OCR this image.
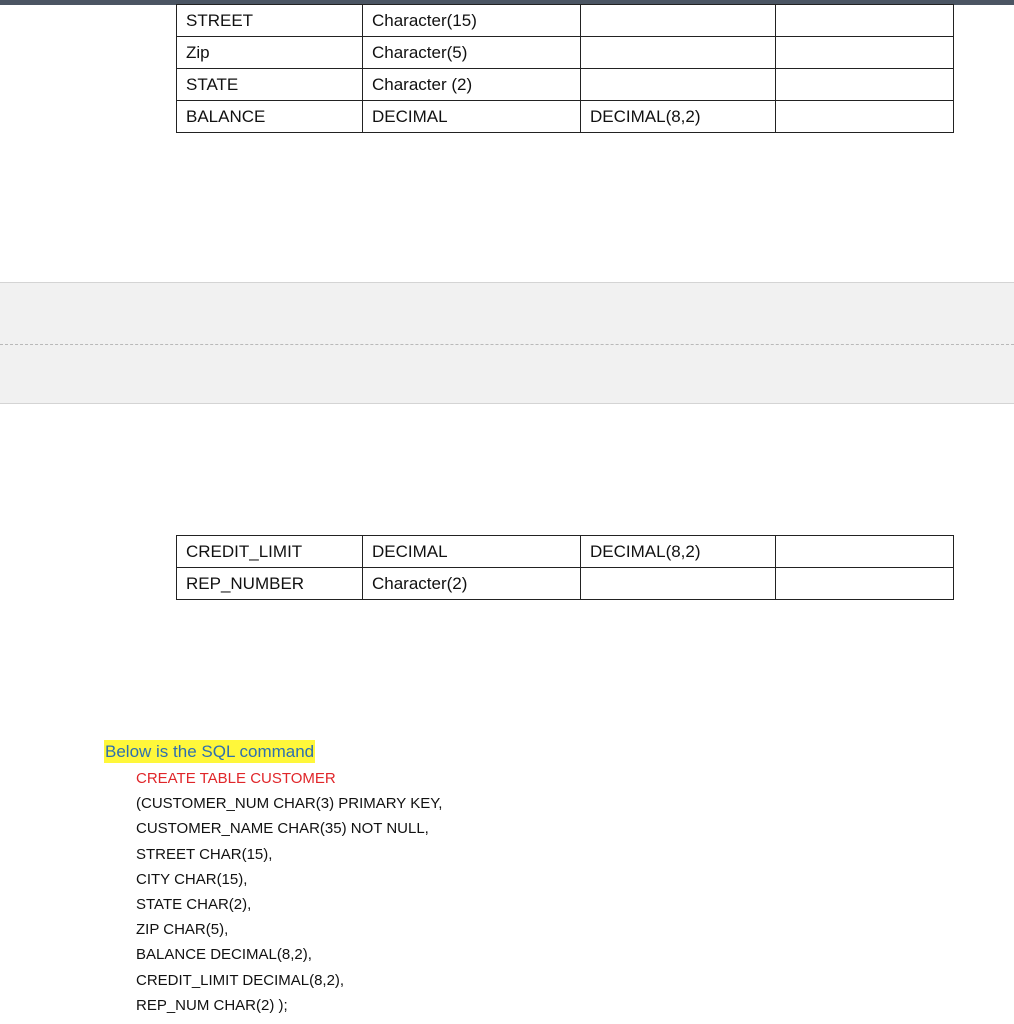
STREET	Character(15)		
Zip	Character(5)		
STATE	Character (2)		
BALANCE	DECIMAL	DECIMAL(8,2)	
CREDIT_LIMIT	DECIMAL	DECIMAL(8,2)	
REP_NUMBER	Character(2)		
Below is the SQL command
CREATE TABLE CUSTOMER
(CUSTOMER_NUM CHAR(3) PRIMARY KEY,
CUSTOMER_NAME CHAR(35) NOT NULL,
STREET CHAR(15),
CITY CHAR(15),
STATE CHAR(2),
ZIP CHAR(5),
BALANCE DECIMAL(8,2),
CREDIT_LIMIT DECIMAL(8,2),
REP_NUM CHAR(2) );
